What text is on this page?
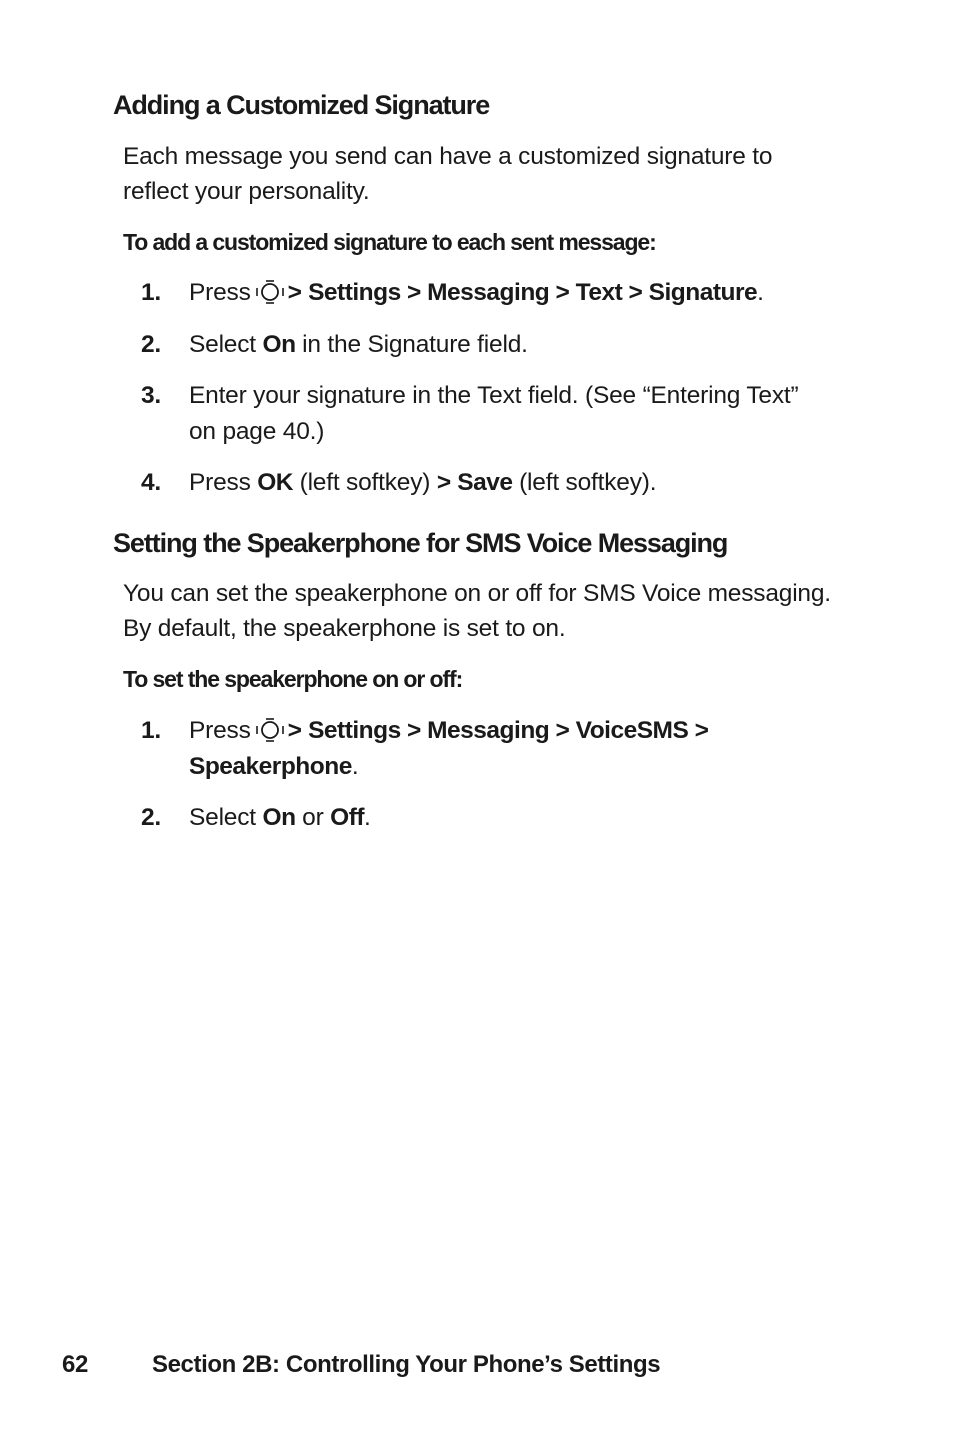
Adding a Customized Signature

Each message you send can have a customized signature to reflect your personality.

To add a customized signature to each sent message:

1. Press > Settings > Messaging > Text > Signature.
2. Select On in the Signature field.
3. Enter your signature in the Text field. (See “Entering Text” on page 40.)
4. Press OK (left softkey) > Save (left softkey).
Setting the Speakerphone for SMS Voice Messaging

You can set the speakerphone on or off for SMS Voice messaging. By default, the speakerphone is set to on.

To set the speakerphone on or off:

1. Press > Settings > Messaging > VoiceSMS > Speakerphone.
2. Select On or Off.
62	Section 2B: Controlling Your Phone’s Settings
